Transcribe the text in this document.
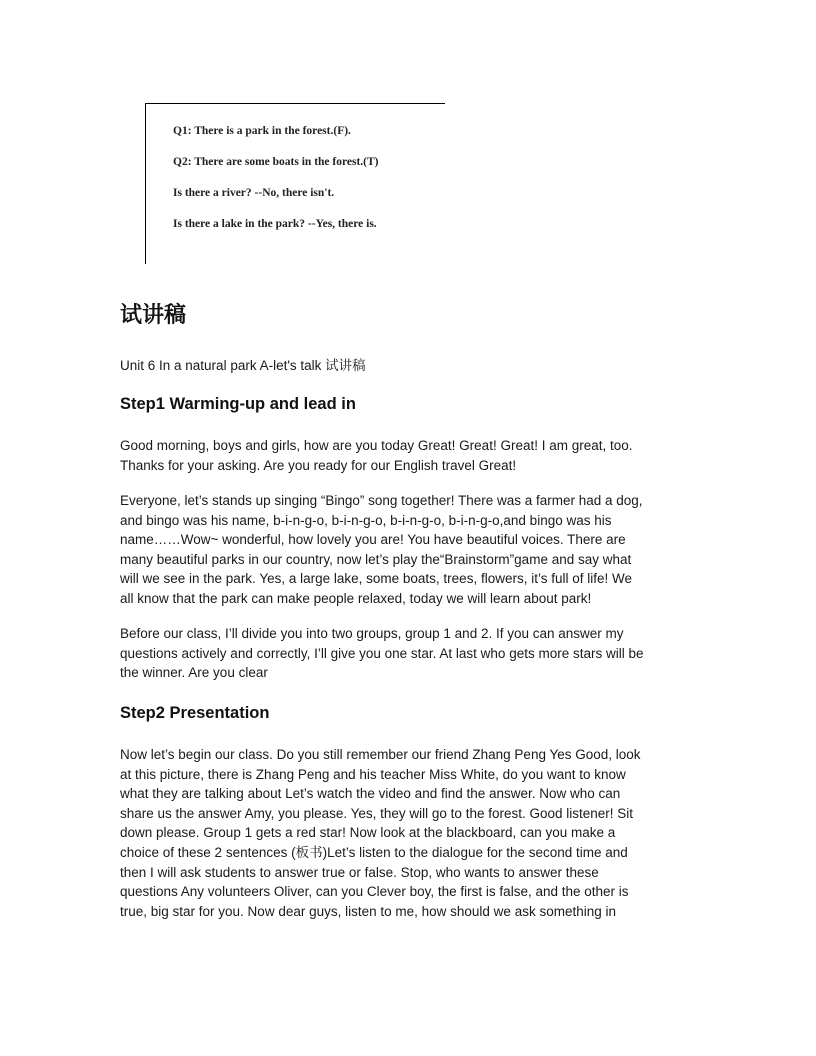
Q1: There is a park in the forest.(F).
Q2: There are some boats in the forest.(T)
Is there a river? --No, there isn't.
Is there a lake in the park? --Yes, there is.
试讲稿
Unit 6 In a natural park A-let's talk 试讲稿
Step1 Warming-up and lead in

Good morning, boys and girls, how are you today Great! Great! Great! I am great, too.
Thanks for your asking. Are you ready for our English travel Great!

Everyone, let’s stands up singing “Bingo” song together! There was a farmer had a dog,
and bingo was his name, b-i-n-g-o, b-i-n-g-o, b-i-n-g-o, b-i-n-g-o,and bingo was his
name……Wow~ wonderful, how lovely you are! You have beautiful voices. There are
many beautiful parks in our country, now let’s play the“Brainstorm”game and say what
will we see in the park. Yes, a large lake, some boats, trees, flowers, it’s full of life! We
all know that the park can make people relaxed, today we will learn about park!

Before our class, I’ll divide you into two groups, group 1 and 2. If you can answer my
questions actively and correctly, I’ll give you one star. At last who gets more stars will be
the winner. Are you clear

Step2 Presentation

Now let’s begin our class. Do you still remember our friend Zhang Peng Yes Good, look
at this picture, there is Zhang Peng and his teacher Miss White, do you want to know
what they are talking about Let’s watch the video and find the answer. Now who can
share us the answer Amy, you please. Yes, they will go to the forest. Good listener! Sit
down please. Group 1 gets a red star! Now look at the blackboard, can you make a
choice of these 2 sentences (板书)Let’s listen to the dialogue for the second time and
then I will ask students to answer true or false. Stop, who wants to answer these
questions Any volunteers Oliver, can you Clever boy, the first is false, and the other is
true, big star for you. Now dear guys, listen to me, how should we ask something in
